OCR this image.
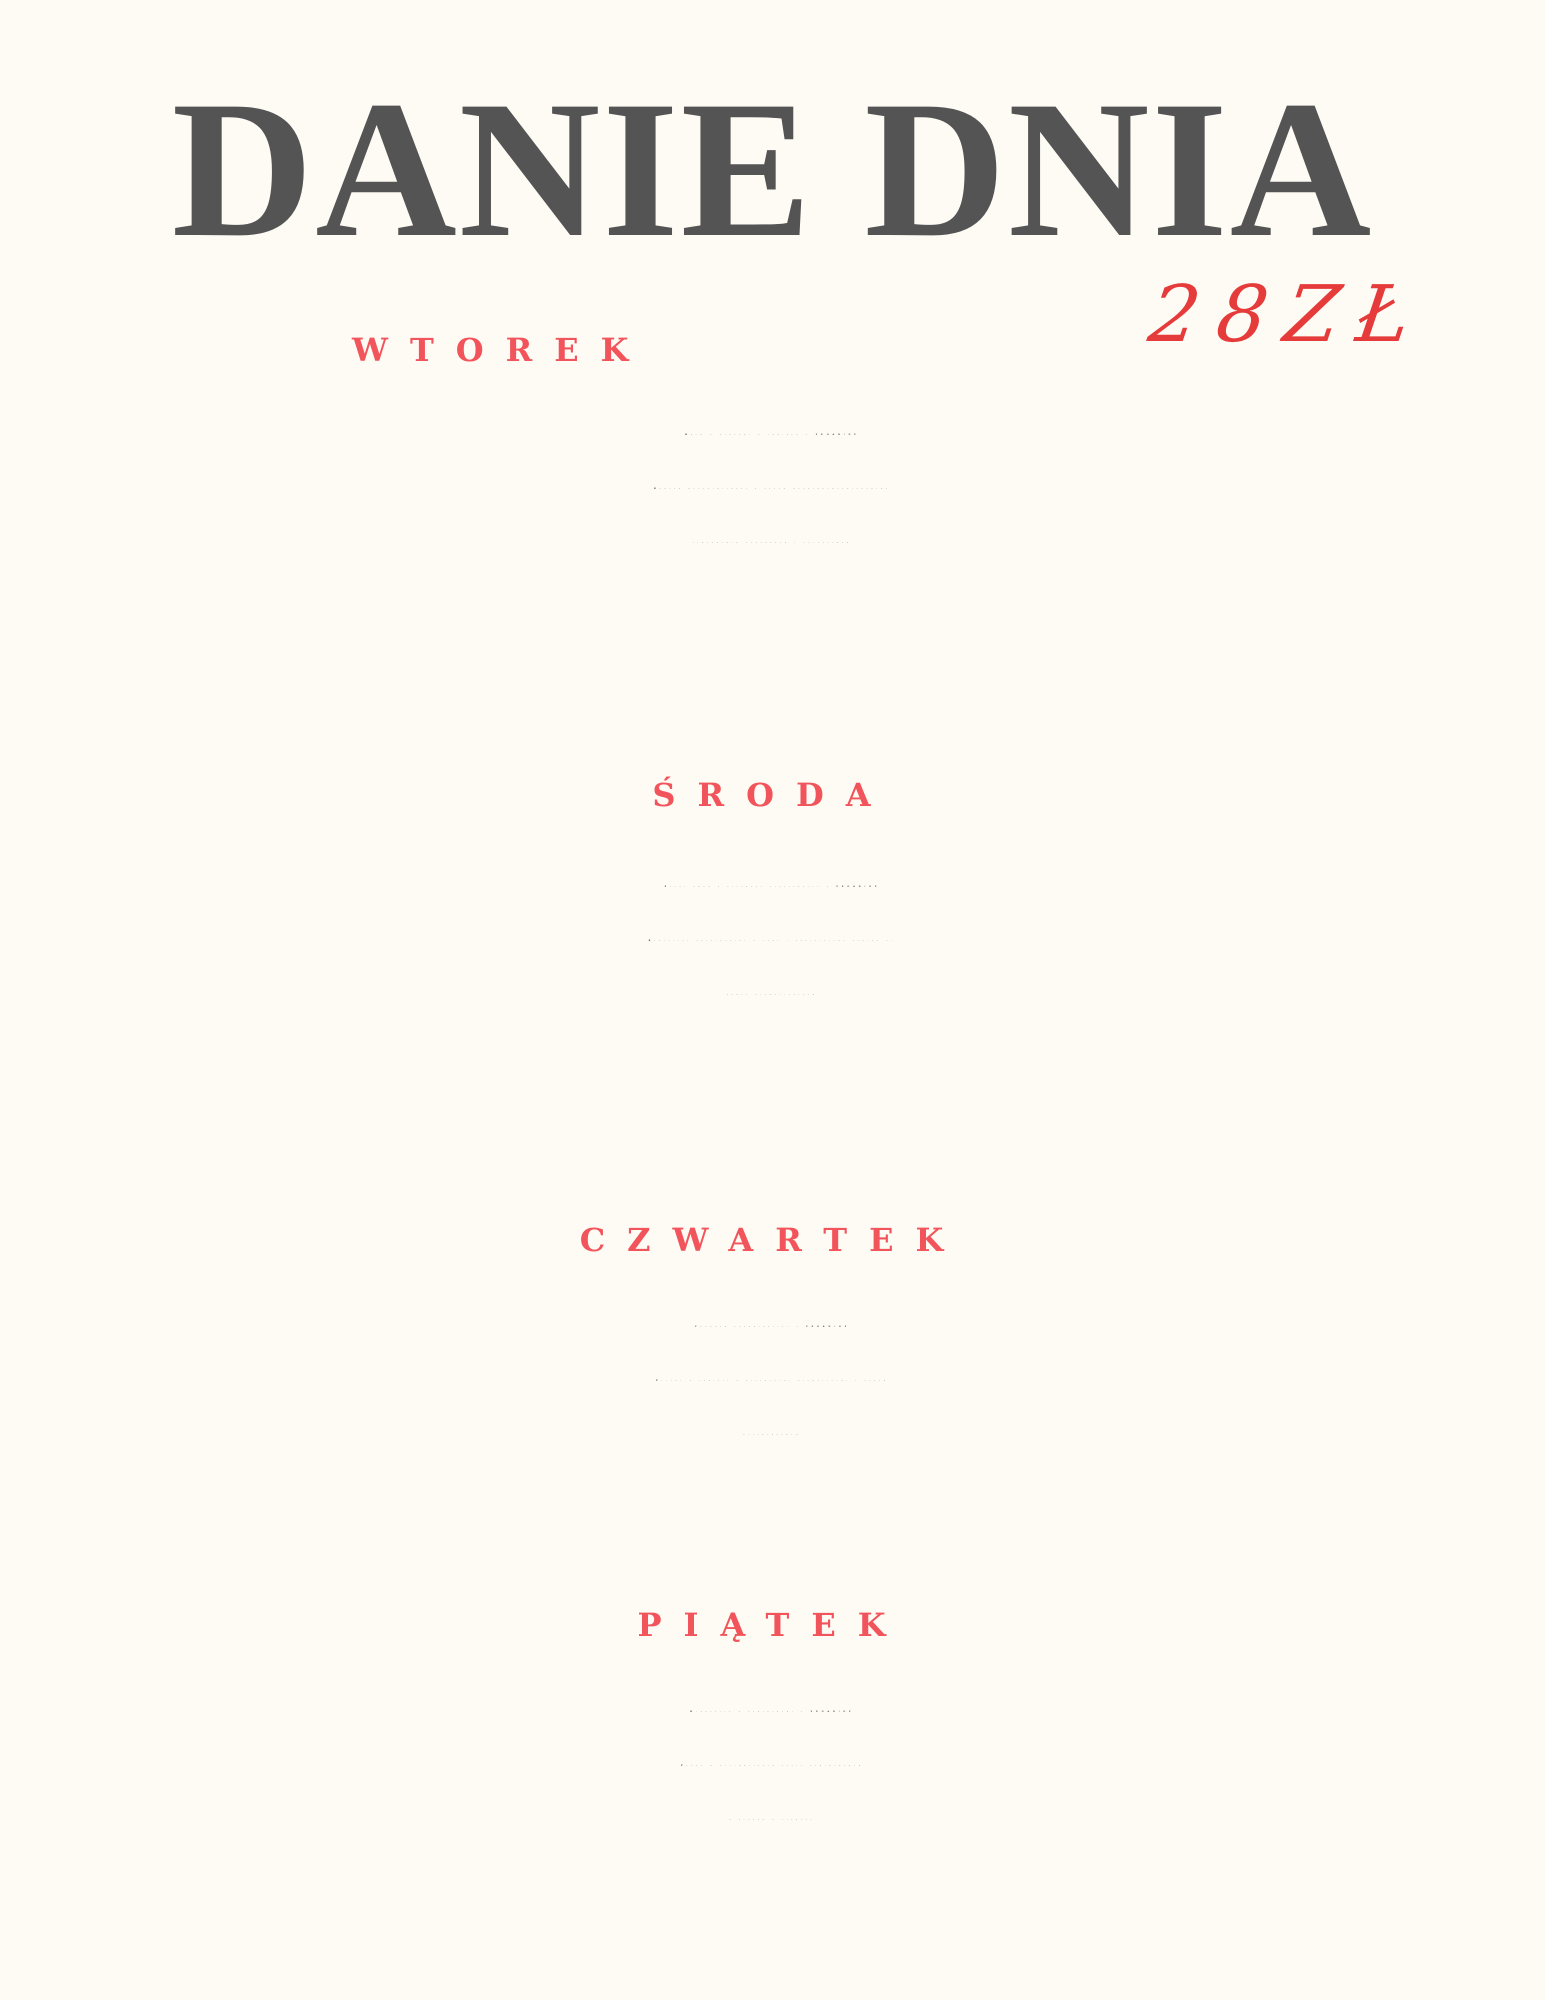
DANIE DNIA
28ZŁ
WTOREK
Krem z marchwi z imbirem - VEGAN/GF
Burger wegetariański z sosem muszardowo-miodowym,
limonkowym ketchupem i colesławem
ŚRODA
Złoty krem z pieczoną ciecierzycą - VEGAN/GF
Kotleciki spanakopita z fetą i szpinakiem, podane na
puree ziemniaczanym
CZWARTEK
Chowder kukurydziany - VEGAN/GF
Placki z cukinii z pieczonymi ziemniakami i sosem
pieczarkowym
PIĄTEK
Kapuśniak z pomidorami - VEGAN/GF
Penne w kalabryjskim sosie pomidorowym
z zestem z cytryny
